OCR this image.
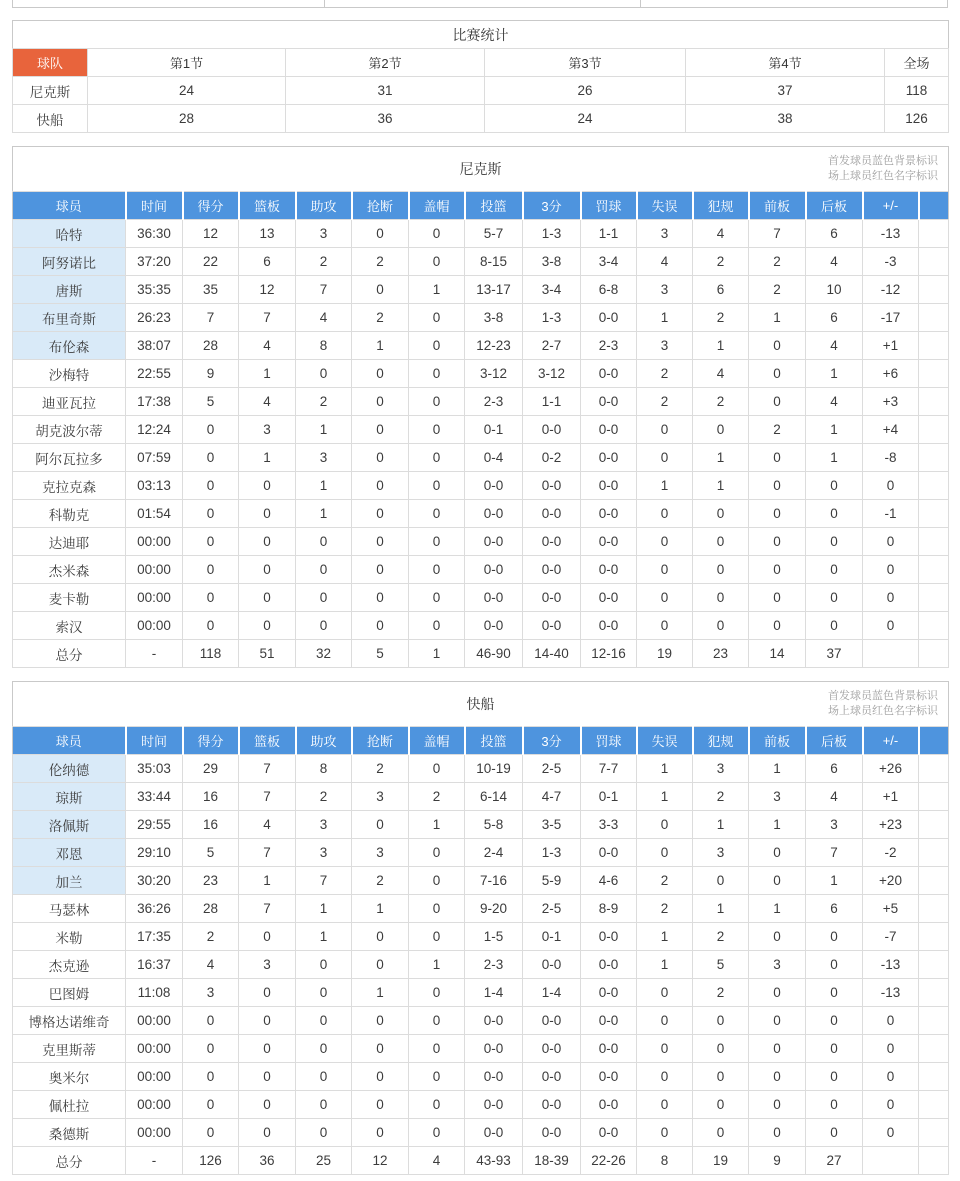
比赛统计					
球队	第1节	第2节	第3节	第4节	全场
尼克斯	24	31	26	37	118
快船	28	36	24	38	126
尼克斯 首发球员蓝色背景标识
场上球员红色名字标识															

球员	时间	得分	篮板	助攻	抢断	盖帽	投篮	3分	罚球	失误	犯规	前板	后板	+/-	
哈特	36:30	12	13	3	0	0	5-7	1-3	1-1	3	4	7	6	-13	
阿努诺比	37:20	22	6	2	2	0	8-15	3-8	3-4	4	2	2	4	-3	
唐斯	35:35	35	12	7	0	1	13-17	3-4	6-8	3	6	2	10	-12	
布里奇斯	26:23	7	7	4	2	0	3-8	1-3	0-0	1	2	1	6	-17	
布伦森	38:07	28	4	8	1	0	12-23	2-7	2-3	3	1	0	4	+1	
沙梅特	22:55	9	1	0	0	0	3-12	3-12	0-0	2	4	0	1	+6	
迪亚瓦拉	17:38	5	4	2	0	0	2-3	1-1	0-0	2	2	0	4	+3	
胡克波尔蒂	12:24	0	3	1	0	0	0-1	0-0	0-0	0	0	2	1	+4	
阿尔瓦拉多	07:59	0	1	3	0	0	0-4	0-2	0-0	0	1	0	1	-8	
克拉克森	03:13	0	0	1	0	0	0-0	0-0	0-0	1	1	0	0	0	
科勒克	01:54	0	0	1	0	0	0-0	0-0	0-0	0	0	0	0	-1	
达迪耶	00:00	0	0	0	0	0	0-0	0-0	0-0	0	0	0	0	0	
杰米森	00:00	0	0	0	0	0	0-0	0-0	0-0	0	0	0	0	0	
麦卡勒	00:00	0	0	0	0	0	0-0	0-0	0-0	0	0	0	0	0	
索汉	00:00	0	0	0	0	0	0-0	0-0	0-0	0	0	0	0	0	
总分	-	118	51	32	5	1	46-90	14-40	12-16	19	23	14	37		
快船 首发球员蓝色背景标识
场上球员红色名字标识															

球员	时间	得分	篮板	助攻	抢断	盖帽	投篮	3分	罚球	失误	犯规	前板	后板	+/-	
伦纳德	35:03	29	7	8	2	0	10-19	2-5	7-7	1	3	1	6	+26	
琼斯	33:44	16	7	2	3	2	6-14	4-7	0-1	1	2	3	4	+1	
洛佩斯	29:55	16	4	3	0	1	5-8	3-5	3-3	0	1	1	3	+23	
邓恩	29:10	5	7	3	3	0	2-4	1-3	0-0	0	3	0	7	-2	
加兰	30:20	23	1	7	2	0	7-16	5-9	4-6	2	0	0	1	+20	
马瑟林	36:26	28	7	1	1	0	9-20	2-5	8-9	2	1	1	6	+5	
米勒	17:35	2	0	1	0	0	1-5	0-1	0-0	1	2	0	0	-7	
杰克逊	16:37	4	3	0	0	1	2-3	0-0	0-0	1	5	3	0	-13	
巴图姆	11:08	3	0	0	1	0	1-4	1-4	0-0	0	2	0	0	-13	
博格达诺维奇	00:00	0	0	0	0	0	0-0	0-0	0-0	0	0	0	0	0	
克里斯蒂	00:00	0	0	0	0	0	0-0	0-0	0-0	0	0	0	0	0	
奥米尔	00:00	0	0	0	0	0	0-0	0-0	0-0	0	0	0	0	0	
佩杜拉	00:00	0	0	0	0	0	0-0	0-0	0-0	0	0	0	0	0	
桑德斯	00:00	0	0	0	0	0	0-0	0-0	0-0	0	0	0	0	0	
总分	-	126	36	25	12	4	43-93	18-39	22-26	8	19	9	27		
